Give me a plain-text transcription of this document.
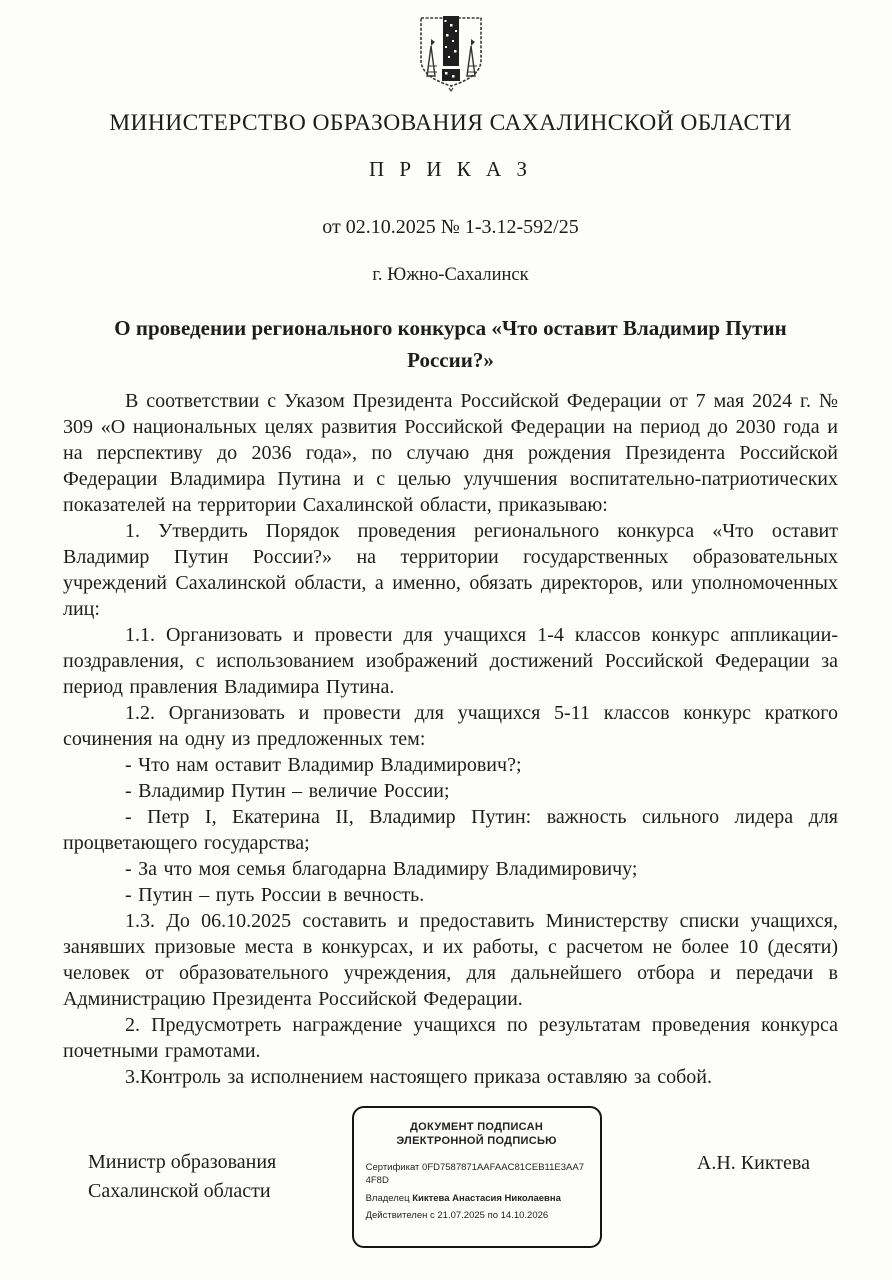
МИНИСТЕРСТВО ОБРАЗОВАНИЯ САХАЛИНСКОЙ ОБЛАСТИ
П Р И К А З
от 02.10.2025 № 1-3.12-592/25
г. Южно-Сахалинск
О проведении регионального конкурса «Что оставит Владимир Путин России?»

В соответствии с Указом Президента Российской Федерации от 7 мая 2024 г. № 309 «О национальных целях развития Российской Федерации на период до 2030 года и на перспективу до 2036 года», по случаю дня рождения Президента Российской Федерации Владимира Путина и с целью улучшения воспитательно-патриотических показателей на территории Сахалинской области, приказываю:

1. Утвердить Порядок проведения регионального конкурса «Что оставит Владимир Путин России?» на территории государственных образовательных учреждений Сахалинской области, а именно, обязать директоров, или уполномоченных лиц:

1.1. Организовать и провести для учащихся 1-4 классов конкурс аппликации-поздравления, с использованием изображений достижений Российской Федерации за период правления Владимира Путина.

1.2. Организовать и провести для учащихся 5-11 классов конкурс краткого сочинения на одну из предложенных тем:

- Что нам оставит Владимир Владимирович?;

- Владимир Путин – величие России;

- Петр I, Екатерина II, Владимир Путин: важность сильного лидера для процветающего государства;

- За что моя семья благодарна Владимиру Владимировичу;

- Путин – путь России в вечность.

1.3. До 06.10.2025 составить и предоставить Министерству списки учащихся, занявших призовые места в конкурсах, и их работы, с расчетом не более 10 (десяти) человек от образовательного учреждения, для дальнейшего отбора и передачи в Администрацию Президента Российской Федерации.

2. Предусмотреть награждение учащихся по результатам проведения конкурса почетными грамотами.

3.Контроль за исполнением настоящего приказа оставляю за собой.

Министр образования
Сахалинской области
ДОКУМЕНТ ПОДПИСАН
ЭЛЕКТРОННОЙ ПОДПИСЬЮ
Сертификат 0FD7587871AAFAAC81CEB11E3AA74F8D
Владелец Киктева Анастасия Николаевна
Действителен с 21.07.2025 по 14.10.2026
А.Н. Киктева
